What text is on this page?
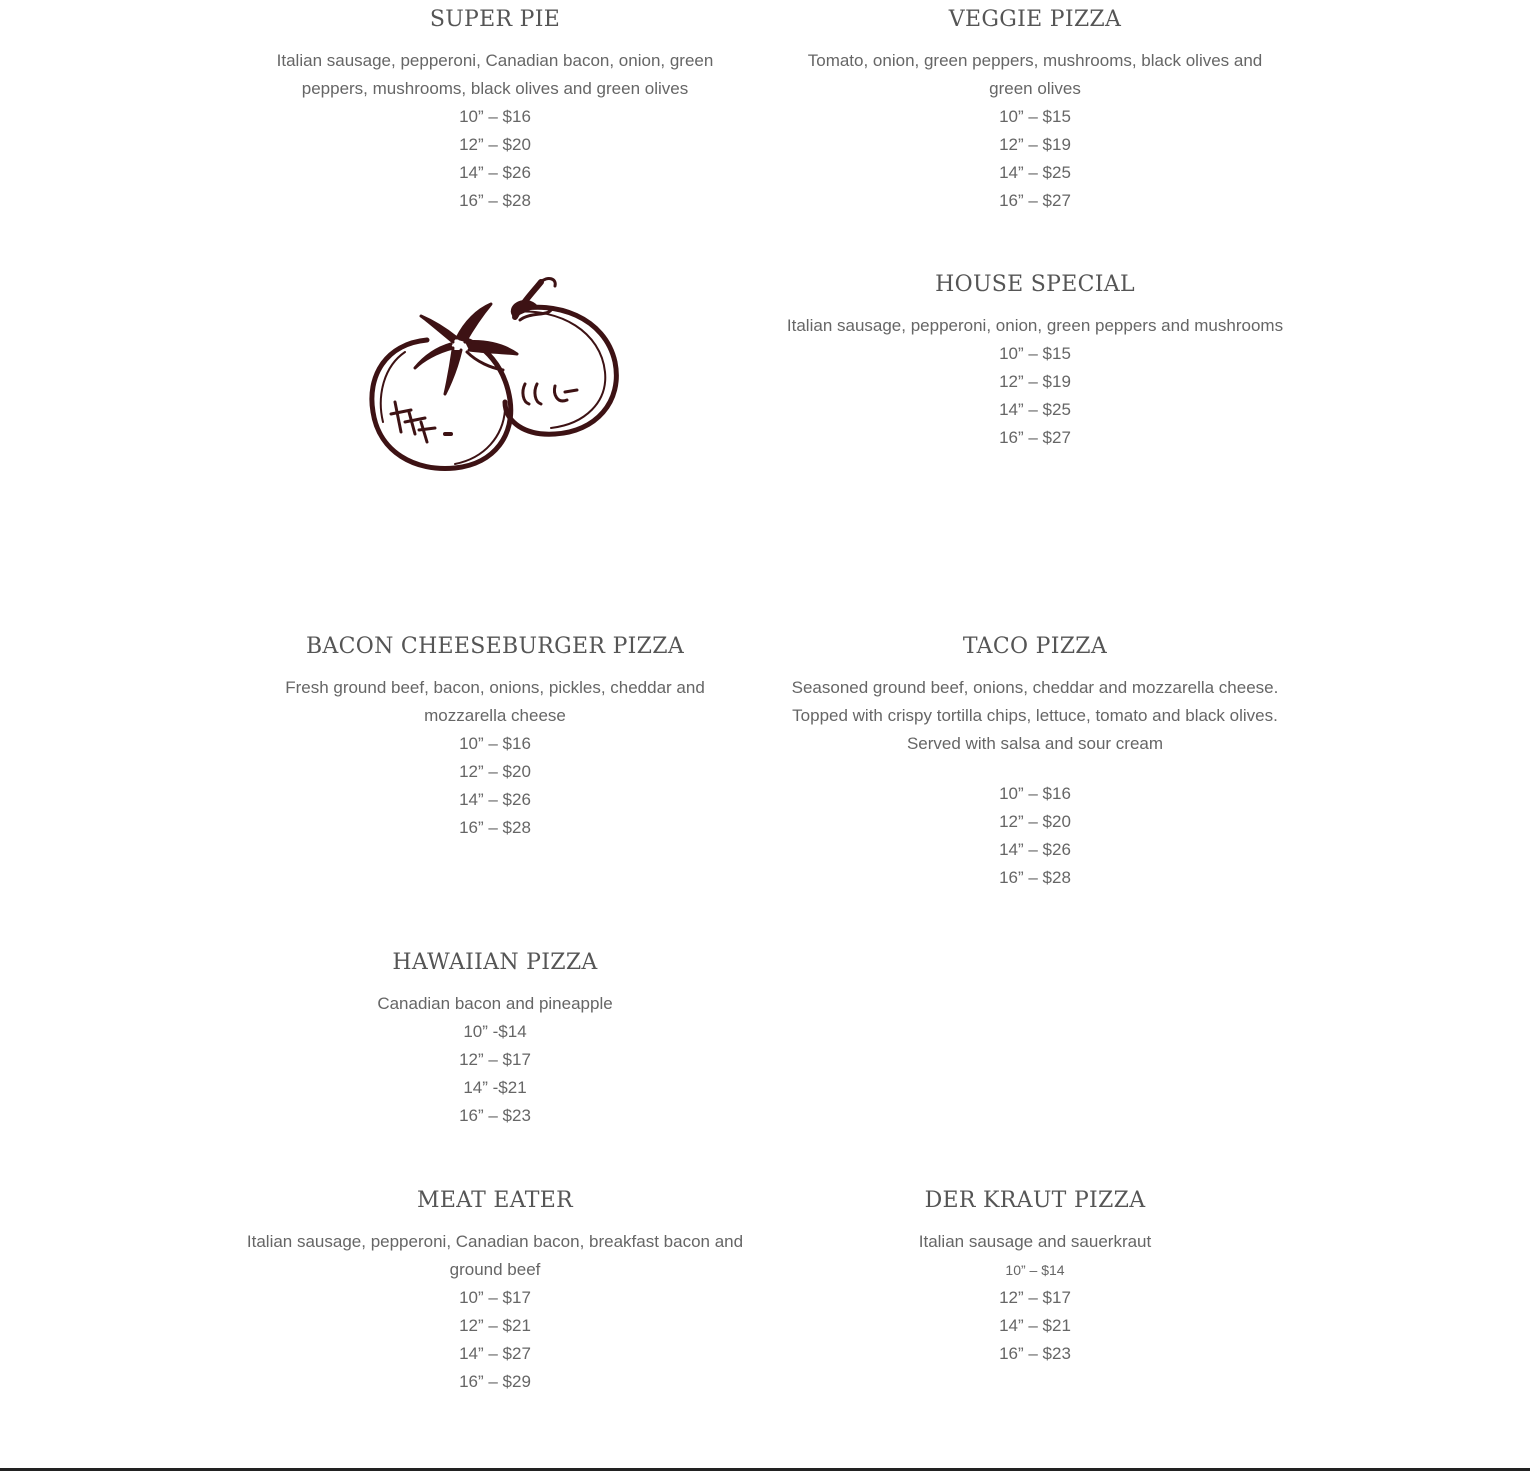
SUPER PIE

Italian sausage, pepperoni, Canadian bacon, onion, green peppers, mushrooms, black olives and green olives

10” – $16
12” – $20
14” – $26
16” – $28
VEGGIE PIZZA

Tomato, onion, green peppers, mushrooms, black olives and green olives

10” – $15
12” – $19
14” – $25
16” – $27
HOUSE SPECIAL

Italian sausage, pepperoni, onion, green peppers and mushrooms

10” – $15
12” – $19
14” – $25
16” – $27
BACON CHEESEBURGER PIZZA

Fresh ground beef, bacon, onions, pickles, cheddar and mozzarella cheese

10” – $16
12” – $20
14” – $26
16” – $28
TACO PIZZA

Seasoned ground beef, onions, cheddar and mozzarella cheese. Topped with crispy tortilla chips, lettuce, tomato and black olives. Served with salsa and sour cream

10” – $16
12” – $20
14” – $26
16” – $28
HAWAIIAN PIZZA

Canadian bacon and pineapple

10” -$14
12” – $17
14” -$21
16” – $23
MEAT EATER

Italian sausage, pepperoni, Canadian bacon, breakfast bacon and ground beef

10” – $17
12” – $21
14” – $27
16” – $29
DER KRAUT PIZZA

Italian sausage and sauerkraut

10” – $14
12” – $17
14” – $21
16” – $23
